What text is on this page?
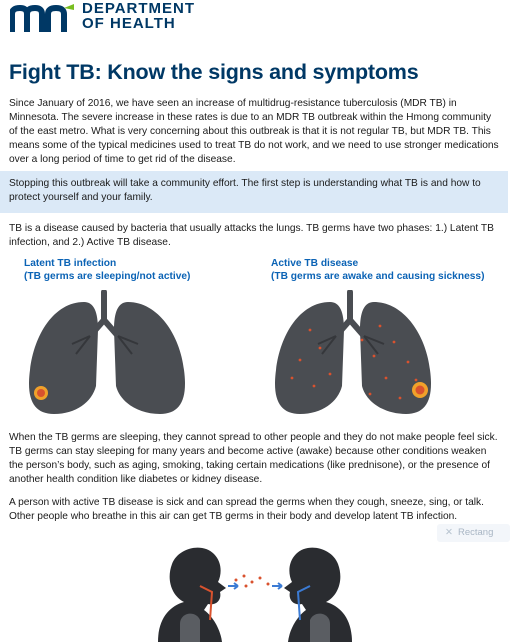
DEPARTMENT
OF HEALTH
Fight TB: Know the signs and symptoms

Since January of 2016, we have seen an increase of multidrug-resistance tuberculosis (MDR TB) in Minnesota. The severe increase in these rates is due to an MDR TB outbreak within the Hmong community of the east metro. What is very concerning about this outbreak is that it is not regular TB, but MDR TB. This means some of the typical medicines used to treat TB do not work, and we need to use stronger medications over a long period of time to get rid of the disease.

Stopping this outbreak will take a community effort. The first step is understanding what TB is and how to protect yourself and your family.

TB is a disease caused by bacteria that usually attacks the lungs. TB germs have two phases: 1.) Latent TB infection, and 2.) Active TB disease.

Latent TB infection
(TB germs are sleeping/not active)
Active TB disease
(TB germs are awake and causing sickness)

When the TB germs are sleeping, they cannot spread to other people and they do not make people feel sick. TB germs can stay sleeping for many years and become active (awake) because other conditions weaken the person’s body, such as aging, smoking, taking certain medications (like prednisone), or the presence of another health condition like diabetes or kidney disease.

A person with active TB disease is sick and can spread the germs when they cough, sneeze, sing, or talk. Other people who breathe in this air can get TB germs in their body and develop latent TB infection.

✕ Rectang
